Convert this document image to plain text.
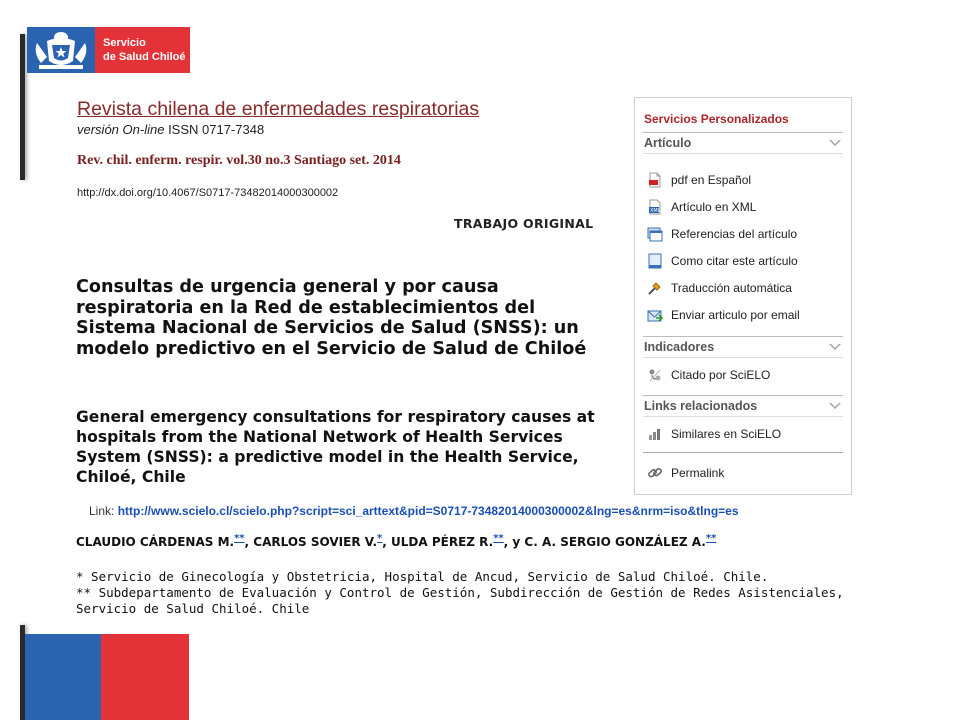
Servicio
de Salud Chiloé
Revista chilena de enfermedades respiratorias
versión On-line ISSN 0717-7348
Rev. chil. enferm. respir. vol.30 no.3 Santiago set. 2014
http://dx.doi.org/10.4067/S0717-73482014000300002
TRABAJO ORIGINAL
Consultas de urgencia general y por causa respiratoria en la Red de establecimientos del Sistema Nacional de Servicios de Salud (SNSS): un modelo predictivo en el Servicio de Salud de Chiloé
General emergency consultations for respiratory causes at hospitals from the National Network of Health Services System (SNSS): a predictive model in the Health Service, Chiloé, Chile
Link: http://www.scielo.cl/scielo.php?script=sci_arttext&pid=S0717-73482014000300002&lng=es&nrm=iso&tlng=es
CLAUDIO CÁRDENAS M.**, CARLOS SOVIER V.*, ULDA PÉREZ R.**, y C. A. SERGIO GONZÁLEZ A.**
* Servicio de Ginecología y Obstetricia, Hospital de Ancud, Servicio de Salud Chiloé. Chile.
** Subdepartamento de Evaluación y Control de Gestión, Subdirección de Gestión de Redes Asistenciales,
Servicio de Salud Chiloé. Chile
Servicios Personalizados
Artículo
pdf en Español
XML Artículo en XML
Referencias del artículo
Como citar este artículo
Traducción automática
Enviar articulo por email
Indicadores
Citado por SciELO
Links relacionados
Similares en SciELO
Permalink
